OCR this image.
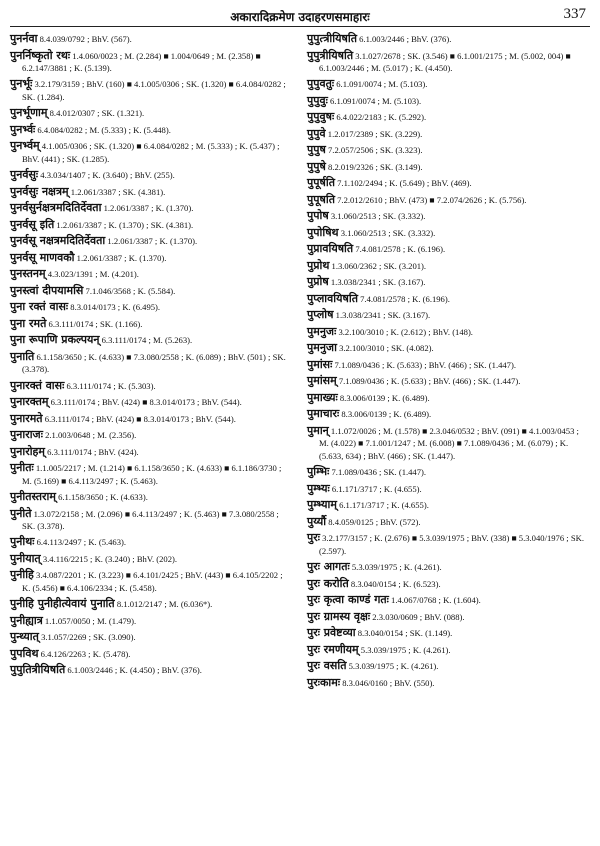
अकारादिक्रमेण उदाहरणसमाहारः	337
पुनर्नवा 8.4.039/0792 ; BhV. (567).
पुनर्निष्कृतो रथः 1.4.060/0023 ; M. (2.284) ■ 1.004/0649 ; M. (2.358) ■ 6.2.147/3881 ; K. (5.139).
पुनर्भूः 3.2.179/3159 ; BhV. (160) ■ 4.1.005/0306 ; SK. (1.320) ■ 6.4.084/0282 ; SK. (1.284).
पुनर्भूणाम् 8.4.012/0307 ; SK. (1.321).
पुनर्भ्वः 6.4.084/0282 ; M. (5.333) ; K. (5.448).
पुनर्भ्वम् 4.1.005/0306 ; SK. (1.320) ■ 6.4.084/0282 ; M. (5.333) ; K. (5.437) ; BhV. (441) ; SK. (1.285).
पुनर्वसुः 4.3.034/1407 ; K. (3.640) ; BhV. (255).
पुनर्वसुः नक्षत्रम् 1.2.061/3387 ; SK. (4.381).
पुनर्वसुर्नक्षत्रमदितिर्देवता 1.2.061/3387 ; K. (1.370).
पुनर्वसू इति 1.2.061/3387 ; K. (1.370) ; SK. (4.381).
पुनर्वसू नक्षत्रमदितिर्देवता 1.2.061/3387 ; K. (1.370).
पुनर्वसू माणवकौ 1.2.061/3387 ; K. (1.370).
पुनस्तनम् 4.3.023/1391 ; M. (4.201).
पुनस्त्वां दीपयामसि 7.1.046/3568 ; K. (5.584).
पुना रक्तं वासः 8.3.014/0173 ; K. (6.495).
पुना रमते 6.3.111/0174 ; SK. (1.166).
पुना रूपाणि प्रकल्पयन् 6.3.111/0174 ; M. (5.263).
पुनाति 6.1.158/3650 ; K. (4.633) ■ 7.3.080/2558 ; K. (6.089) ; BhV. (501) ; SK. (3.378).
पुनारक्तं वासः 6.3.111/0174 ; K. (5.303).
पुनारक्तम् 6.3.111/0174 ; BhV. (424) ■ 8.3.014/0173 ; BhV. (544).
पुनारमते 6.3.111/0174 ; BhV. (424) ■ 8.3.014/0173 ; BhV. (544).
पुनाराजः 2.1.003/0648 ; M. (2.356).
पुनारोहम् 6.3.111/0174 ; BhV. (424).
पुनीतः 1.1.005/2217 ; M. (1.214) ■ 6.1.158/3650 ; K. (4.633) ■ 6.1.186/3730 ; M. (5.169) ■ 6.4.113/2497 ; K. (5.463).
पुनीतस्तराम् 6.1.158/3650 ; K. (4.633).
पुनीते 1.3.072/2158 ; M. (2.096) ■ 6.4.113/2497 ; K. (5.463) ■ 7.3.080/2558 ; SK. (3.378).
पुनीथः 6.4.113/2497 ; K. (5.463).
पुनीयात् 3.4.116/2215 ; K. (3.240) ; BhV. (202).
पुनीहि 3.4.087/2201 ; K. (3.223) ■ 6.4.101/2425 ; BhV. (443) ■ 6.4.105/2202 ; K. (5.456) ■ 6.4.106/2334 ; K. (5.458).
पुनीहि पुनीहीत्येवायं पुनाति 8.1.012/2147 ; M. (6.036*).
पुनीह्यात्र 1.1.057/0050 ; M. (1.479).
पुन्थ्यात् 3.1.057/2269 ; SK. (3.090).
पुपविथ 6.4.126/2263 ; K. (5.478).
पुपुतित्रीयिषति 6.1.003/2446 ; K. (4.450) ; BhV. (376).
पुपुत्त्रीयिषति 6.1.003/2446 ; BhV. (376).
पुपुत्रीयिषति 3.1.027/2678 ; SK. (3.546) ■ 6.1.001/2175 ; M. (5.002, 004) ■ 6.1.003/2446 ; M. (5.017) ; K. (4.450).
पुपुवतुः 6.1.091/0074 ; M. (5.103).
पुपुवुः 6.1.091/0074 ; M. (5.103).
पुपुवुषः 6.4.022/2183 ; K. (5.292).
पुपुवे 1.2.017/2389 ; SK. (3.229).
पुपुष 7.2.057/2506 ; SK. (3.323).
पुपुषे 8.2.019/2326 ; SK. (3.149).
पुपूर्षति 7.1.102/2494 ; K. (5.649) ; BhV. (469).
पुपूषति 7.2.012/2610 ; BhV. (473) ■ 7.2.074/2626 ; K. (5.756).
पुपोष 3.1.060/2513 ; SK. (3.332).
पुपोषिथ 3.1.060/2513 ; SK. (3.332).
पुप्रावयिषति 7.4.081/2578 ; K. (6.196).
पुप्रोथ 1.3.060/2362 ; SK. (3.201).
पुप्रोष 1.3.038/2341 ; SK. (3.167).
पुप्लावयिषति 7.4.081/2578 ; K. (6.196).
पुप्लोष 1.3.038/2341 ; SK. (3.167).
पुमनुजः 3.2.100/3010 ; K. (2.612) ; BhV. (148).
पुमनुजा 3.2.100/3010 ; SK. (4.082).
पुमांसः 7.1.089/0436 ; K. (5.633) ; BhV. (466) ; SK. (1.447).
पुमांसम् 7.1.089/0436 ; K. (5.633) ; BhV. (466) ; SK. (1.447).
पुमाख्यः 8.3.006/0139 ; K. (6.489).
पुमाचारः 8.3.006/0139 ; K. (6.489).
पुमान् 1.1.072/0026 ; M. (1.578) ■ 2.3.046/0532 ; BhV. (091) ■ 4.1.003/0453 ; M. (4.022) ■ 7.1.001/1247 ; M. (6.008) ■ 7.1.089/0436 ; M. (6.079) ; K. (5.633, 634) ; BhV. (466) ; SK. (1.447).
पुम्भिः 7.1.089/0436 ; SK. (1.447).
पुम्भ्यः 6.1.171/3717 ; K. (4.655).
पुम्भ्याम् 6.1.171/3717 ; K. (4.655).
पुर्य्यौ 8.4.059/0125 ; BhV. (572).
पुरः 3.2.177/3157 ; K. (2.676) ■ 5.3.039/1975 ; BhV. (338) ■ 5.3.040/1976 ; SK. (2.597).
पुरः आगतः 5.3.039/1975 ; K. (4.261).
पुरः करोति 8.3.040/0154 ; K. (6.523).
पुरः कृत्वा काण्डं गतः 1.4.067/0768 ; K. (1.604).
पुरः ग्रामस्य वृक्षः 2.3.030/0609 ; BhV. (088).
पुरः प्रवेष्टव्या 8.3.040/0154 ; SK. (1.149).
पुरः रमणीयम् 5.3.039/1975 ; K. (4.261).
पुरः वसति 5.3.039/1975 ; K. (4.261).
पुरःकामः 8.3.046/0160 ; BhV. (550).
